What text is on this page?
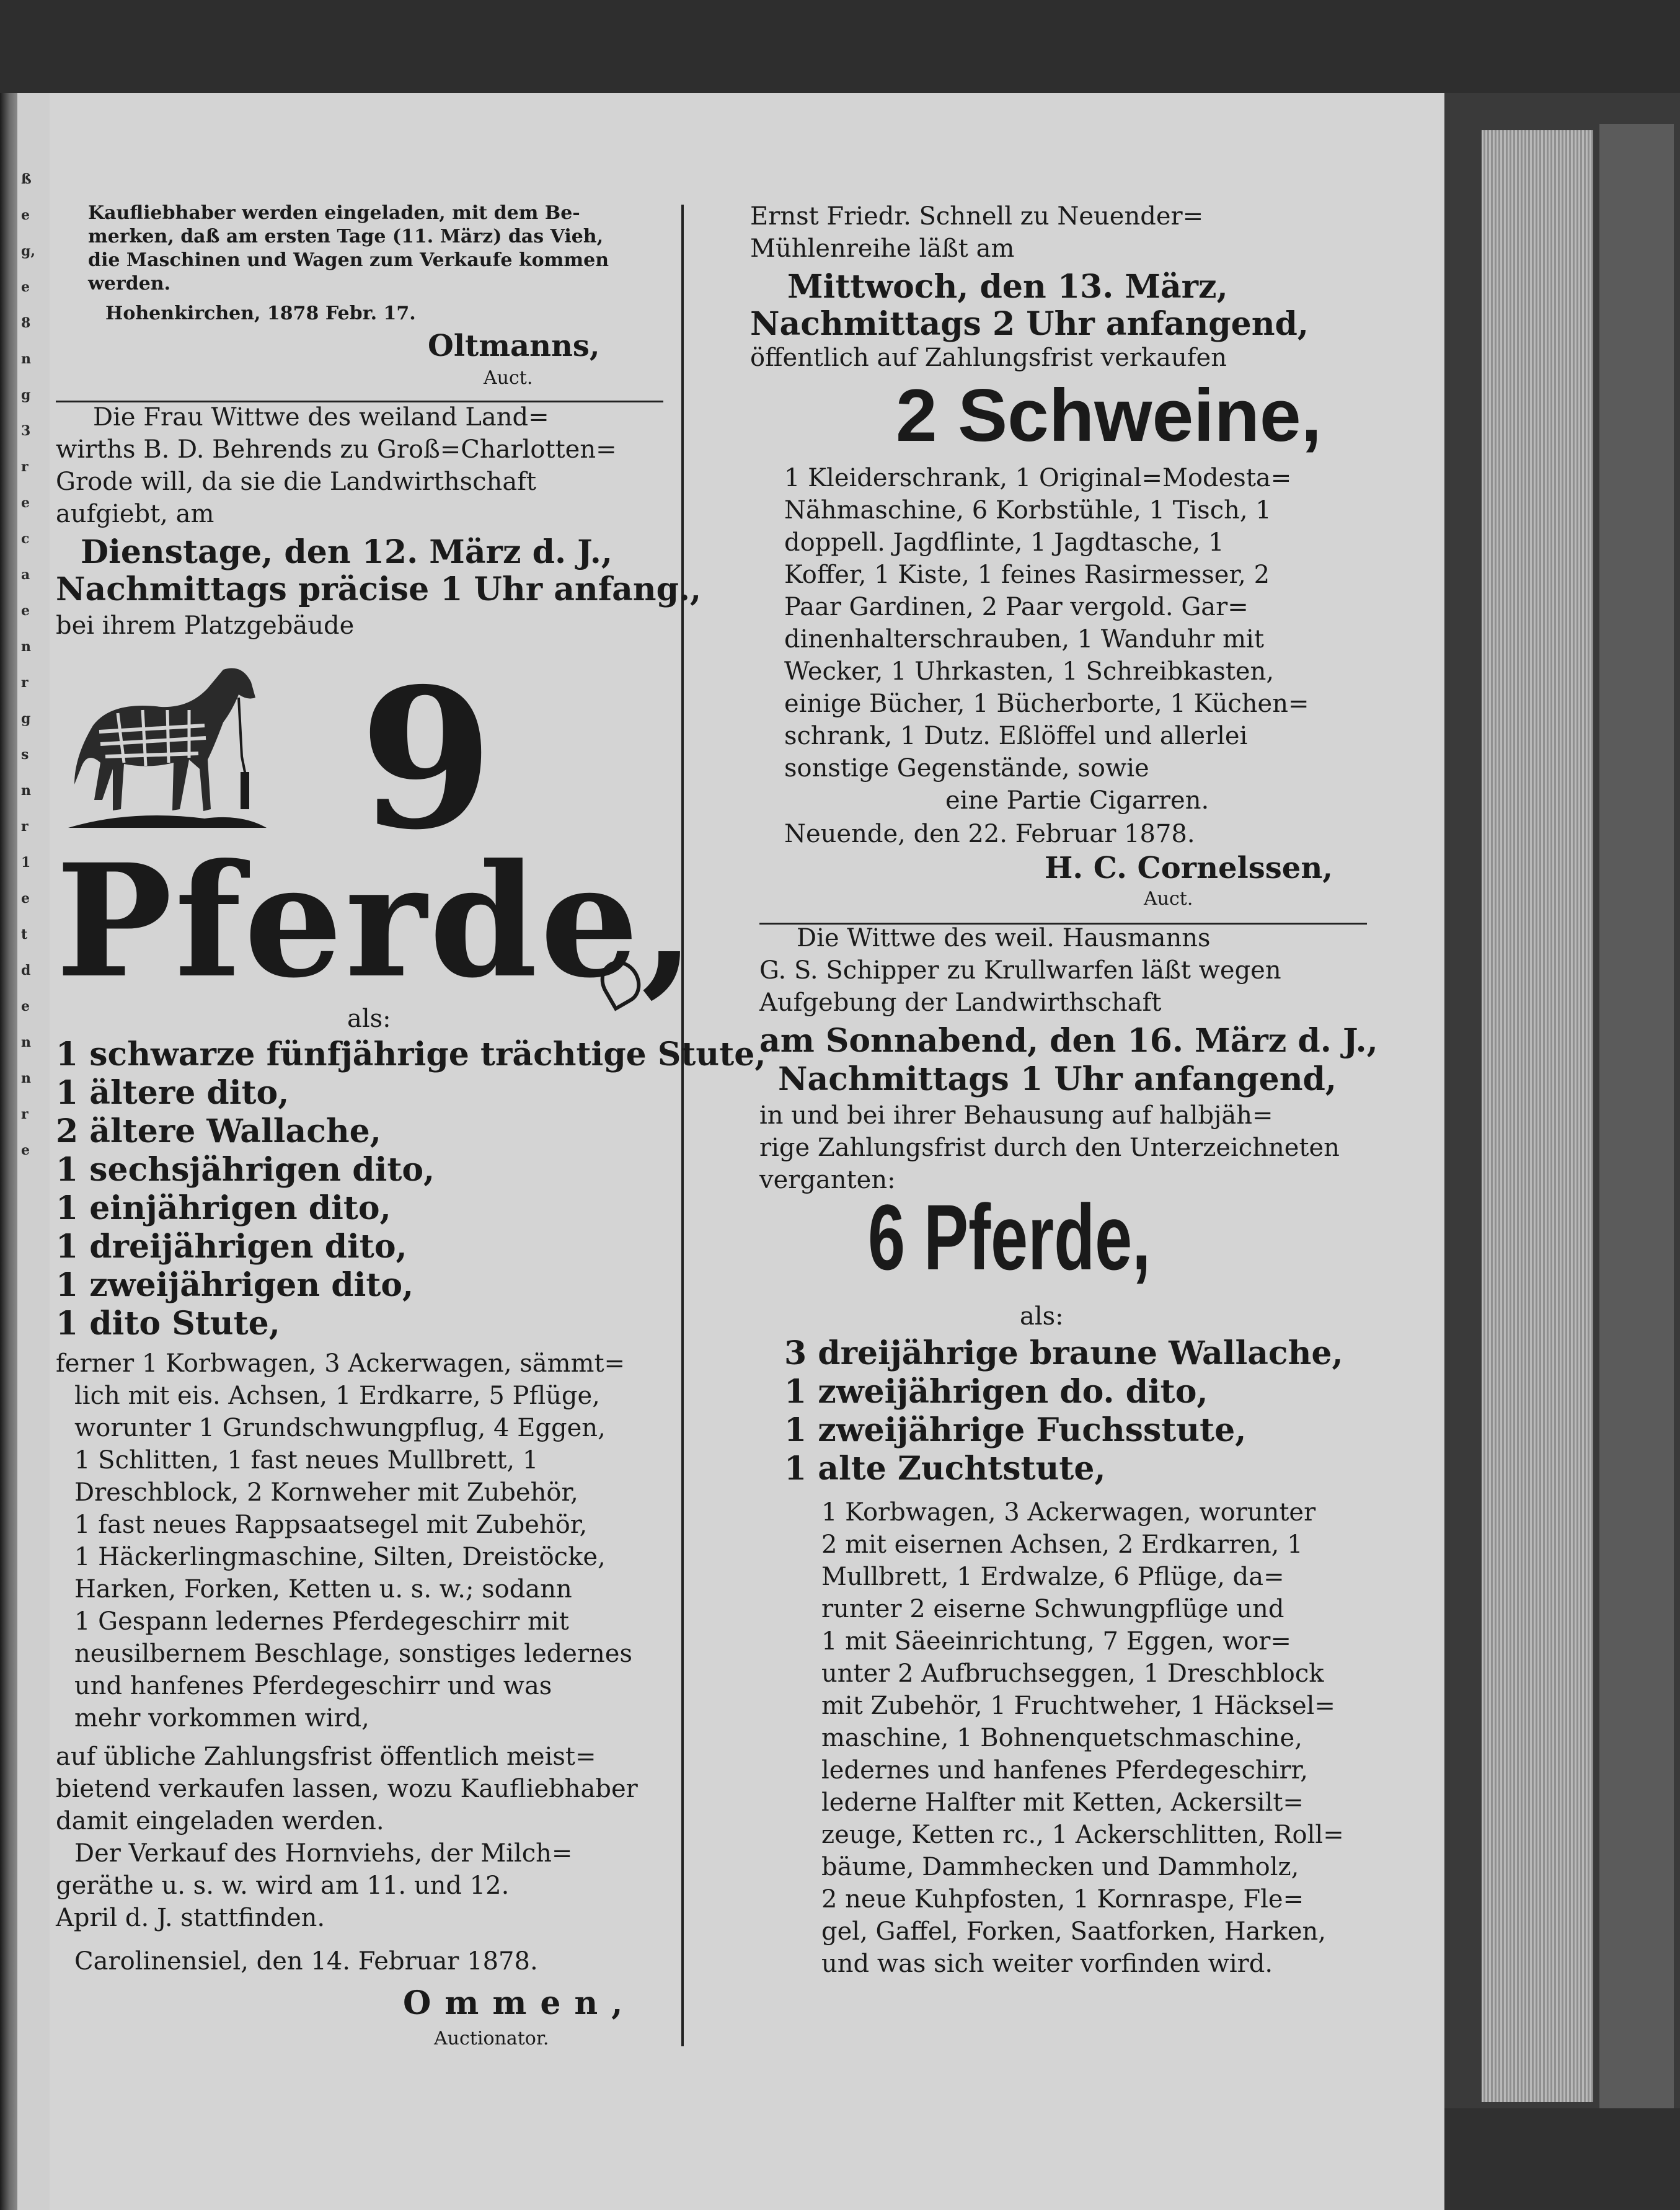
ß
e
g,
e
8
n
g
3
r
e
c
a
e
n
r
g
s
n
r
1
e
t
d
e
n
n
r
e
Kaufliebhaber werden eingeladen, mit dem Be-
merken, daß am ersten Tage (11. März) das Vieh,
die Maschinen und Wagen zum Verkaufe kommen
werden.
Hohenkirchen, 1878 Febr. 17.
Oltmanns,
Auct.
Die Frau Wittwe des weiland Land=
wirths B. D. Behrends zu Groß=Charlotten=
Grode will, da sie die Landwirthschaft
aufgiebt, am
Dienstage, den 12. März d. J.,
Nachmittags präcise 1 Uhr anfang.,
bei ihrem Platzgebäude
9
Pferde,
als:
1 schwarze fünfjährige trächtige Stute,
1 ältere dito,
2 ältere Wallache,
1 sechsjährigen dito,
1 einjährigen dito,
1 dreijährigen dito,
1 zweijährigen dito,
1 dito Stute,
ferner 1 Korbwagen, 3 Ackerwagen, sämmt=
lich mit eis. Achsen, 1 Erdkarre, 5 Pflüge,
worunter 1 Grundschwungpflug, 4 Eggen,
1 Schlitten, 1 fast neues Mullbrett, 1
Dreschblock, 2 Kornweher mit Zubehör,
1 fast neues Rappsaatsegel mit Zubehör,
1 Häckerlingmaschine, Silten, Dreistöcke,
Harken, Forken, Ketten u. s. w.; sodann
1 Gespann ledernes Pferdegeschirr mit
neusilbernem Beschlage, sonstiges ledernes
und hanfenes Pferdegeschirr und was
mehr vorkommen wird,
auf übliche Zahlungsfrist öffentlich meist=
bietend verkaufen lassen, wozu Kaufliebhaber
damit eingeladen werden.
Der Verkauf des Hornviehs, der Milch=
geräthe u. s. w. wird am 11. und 12.
April d. J. stattfinden.
Carolinensiel, den 14. Februar 1878.
Ommen,
Auctionator.
Ernst Friedr. Schnell zu Neuender=
Mühlenreihe läßt am
Mittwoch, den 13. März,
Nachmittags 2 Uhr anfangend,
öffentlich auf Zahlungsfrist verkaufen
2 Schweine,
1 Kleiderschrank, 1 Original=Modesta=
Nähmaschine, 6 Korbstühle, 1 Tisch, 1
doppell. Jagdflinte, 1 Jagdtasche, 1
Koffer, 1 Kiste, 1 feines Rasirmesser, 2
Paar Gardinen, 2 Paar vergold. Gar=
dinenhalterschrauben, 1 Wanduhr mit
Wecker, 1 Uhrkasten, 1 Schreibkasten,
einige Bücher, 1 Bücherborte, 1 Küchen=
schrank, 1 Dutz. Eßlöffel und allerlei
sonstige Gegenstände, sowie
eine Partie Cigarren.
Neuende, den 22. Februar 1878.
H. C. Cornelssen,
Auct.
Die Wittwe des weil. Hausmanns
G. S. Schipper zu Krullwarfen läßt wegen
Aufgebung der Landwirthschaft
am Sonnabend, den 16. März d. J.,
Nachmittags 1 Uhr anfangend,
in und bei ihrer Behausung auf halbjäh=
rige Zahlungsfrist durch den Unterzeichneten
verganten:
6 Pferde,
als:
3 dreijährige braune Wallache,
1 zweijährigen do. dito,
1 zweijährige Fuchsstute,
1 alte Zuchtstute,
1 Korbwagen, 3 Ackerwagen, worunter
2 mit eisernen Achsen, 2 Erdkarren, 1
Mullbrett, 1 Erdwalze, 6 Pflüge, da=
runter 2 eiserne Schwungpflüge und
1 mit Säeeinrichtung, 7 Eggen, wor=
unter 2 Aufbruchseggen, 1 Dreschblock
mit Zubehör, 1 Fruchtweher, 1 Häcksel=
maschine, 1 Bohnenquetschmaschine,
ledernes und hanfenes Pferdegeschirr,
lederne Halfter mit Ketten, Ackersilt=
zeuge, Ketten rc., 1 Ackerschlitten, Roll=
bäume, Dammhecken und Dammholz,
2 neue Kuhpfosten, 1 Kornraspe, Fle=
gel, Gaffel, Forken, Saatforken, Harken,
und was sich weiter vorfinden wird.
